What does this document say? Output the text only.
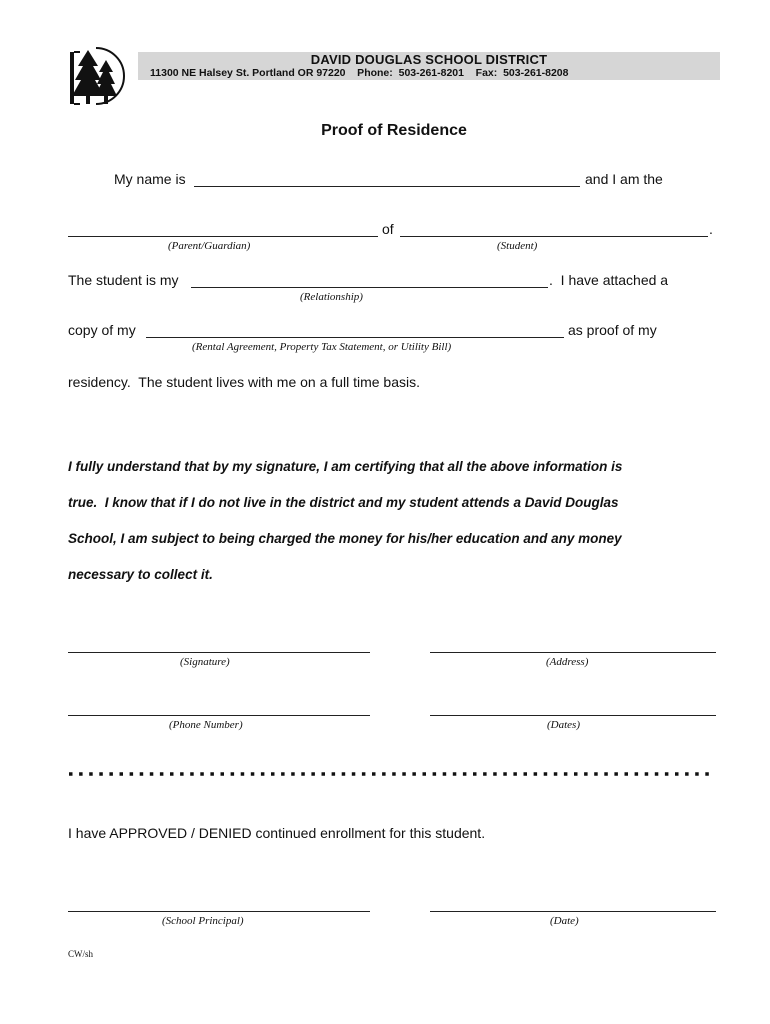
DAVID DOUGLAS SCHOOL DISTRICT
11300 NE Halsey St. Portland OR 97220    Phone:  503-261-8201    Fax:  503-261-8208
Proof of Residence
My name is	and I am the
of	.
(Parent/Guardian)	(Student)
The student is my	.  I have attached a
(Relationship)
copy of my	as proof of my
(Rental Agreement, Property Tax Statement, or Utility Bill)
residency.  The student lives with me on a full time basis.
I fully understand that by my signature, I am certifying that all the above information is
true.  I know that if I do not live in the district and my student attends a David Douglas
School, I am subject to being charged the money for his/her education and any money
necessary to collect it.
(Signature)	(Address)
(Phone Number)	(Dates)
I have APPROVED / DENIED continued enrollment for this student.
(School Principal)	(Date)
CW/sh
